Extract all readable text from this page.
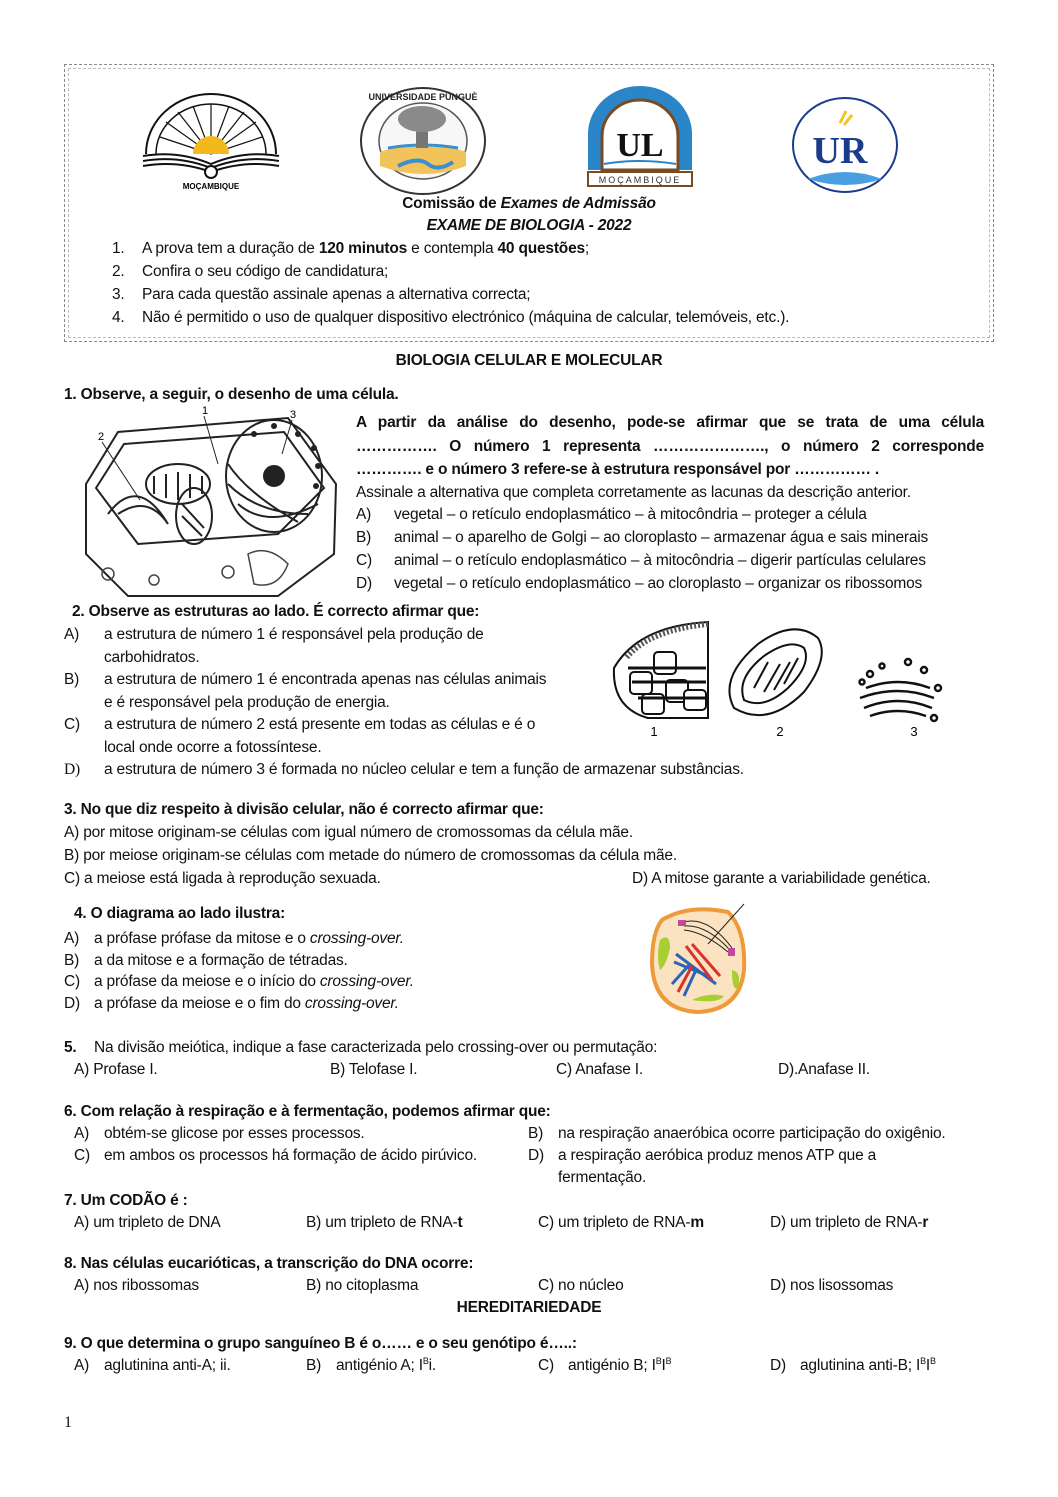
MOÇAMBIQUE
UNIVERSIDADE PÚNGUÈ
UL
MOÇAMBIQUE
UR
Comissão de Exames de Admissão
EXAME DE BIOLOGIA - 2022
1. A prova tem a duração de 120 minutos e contempla 40 questões;
2. Confira o seu código de candidatura;
3. Para cada questão assinale apenas a alternativa correcta;
4. Não é permitido o uso de qualquer dispositivo electrónico (máquina de calcular, telemóveis, etc.).
BIOLOGIA CELULAR E MOLECULAR
1. Observe, a seguir, o desenho de uma célula.
1
2
3	A partir da análise do desenho, pode-se afirmar que se trata de uma célula
……………. O número 1 representa …………………., o número 2 corresponde
…………. e o número 3 refere-se à estrutura responsável por …………… .
Assinale a alternativa que completa corretamente as lacunas da descrição anterior.
A) vegetal – o retículo endoplasmático – à mitocôndria – proteger a célula
B) animal – o aparelho de Golgi – ao cloroplasto – armazenar água e sais minerais
C) animal – o retículo endoplasmático – à mitocôndria – digerir partículas celulares
D) vegetal – o retículo endoplasmático – ao cloroplasto – organizar os ribossomos
2. Observe as estruturas ao lado. É correcto afirmar que:
A) a estrutura de número 1 é responsável pela produção de
carbohidratos.
B) a estrutura de número 1 é encontrada apenas nas células animais
e é responsável pela produção de energia.
C) a estrutura de número 2 está presente em todas as células e é o
local onde ocorre a fotossíntese.
D) a estrutura de número 3 é formada no núcleo celular e tem a função de armazenar substâncias.
1	2	3
3. No que diz respeito à divisão celular, não é correcto afirmar que:
A) por mitose originam-se células com igual número de cromossomas da célula mãe.
B) por meiose originam-se células com metade do número de cromossomas da célula mãe.
C) a meiose está ligada à reprodução sexuada.	D) A mitose garante a variabilidade genética.
4. O diagrama ao lado ilustra:
A) a prófase prófase da mitose e o crossing-over.
B) a da mitose e a formação de tétradas.
C) a prófase da meiose e o início do crossing-over.
D) a prófase da meiose e o fim do crossing-over.
5. Na divisão meiótica, indique a fase caracterizada pelo crossing-over ou permutação:
A) Profase I.	B) Telofase I.	C) Anafase I.	D).Anafase II.
6. Com relação à respiração e à fermentação, podemos afirmar que:
A) obtém-se glicose por esses processos.	B) na respiração anaeróbica ocorre participação do oxigênio.
C) em ambos os processos há formação de ácido pirúvico.	D) a respiração aeróbica produz menos ATP que a
fermentação.
7. Um CODÃO é :
A) um tripleto de DNA	B) um tripleto de RNA-t	C) um tripleto de RNA-m	D) um tripleto de RNA-r
8. Nas células eucarióticas, a transcrição do DNA ocorre:
A) nos ribossomas	B) no citoplasma	C) no núcleo	D) nos lisossomas
HEREDITARIEDADE
9. O que determina o grupo sanguíneo B é o…… e o seu genótipo é…..:
A) aglutinina anti-A; ii.	B) antigénio A; $I^Bi$.	C) antigénio B; $I^BI^B$	D) aglutinina anti-B; $I^BI^B$
1
